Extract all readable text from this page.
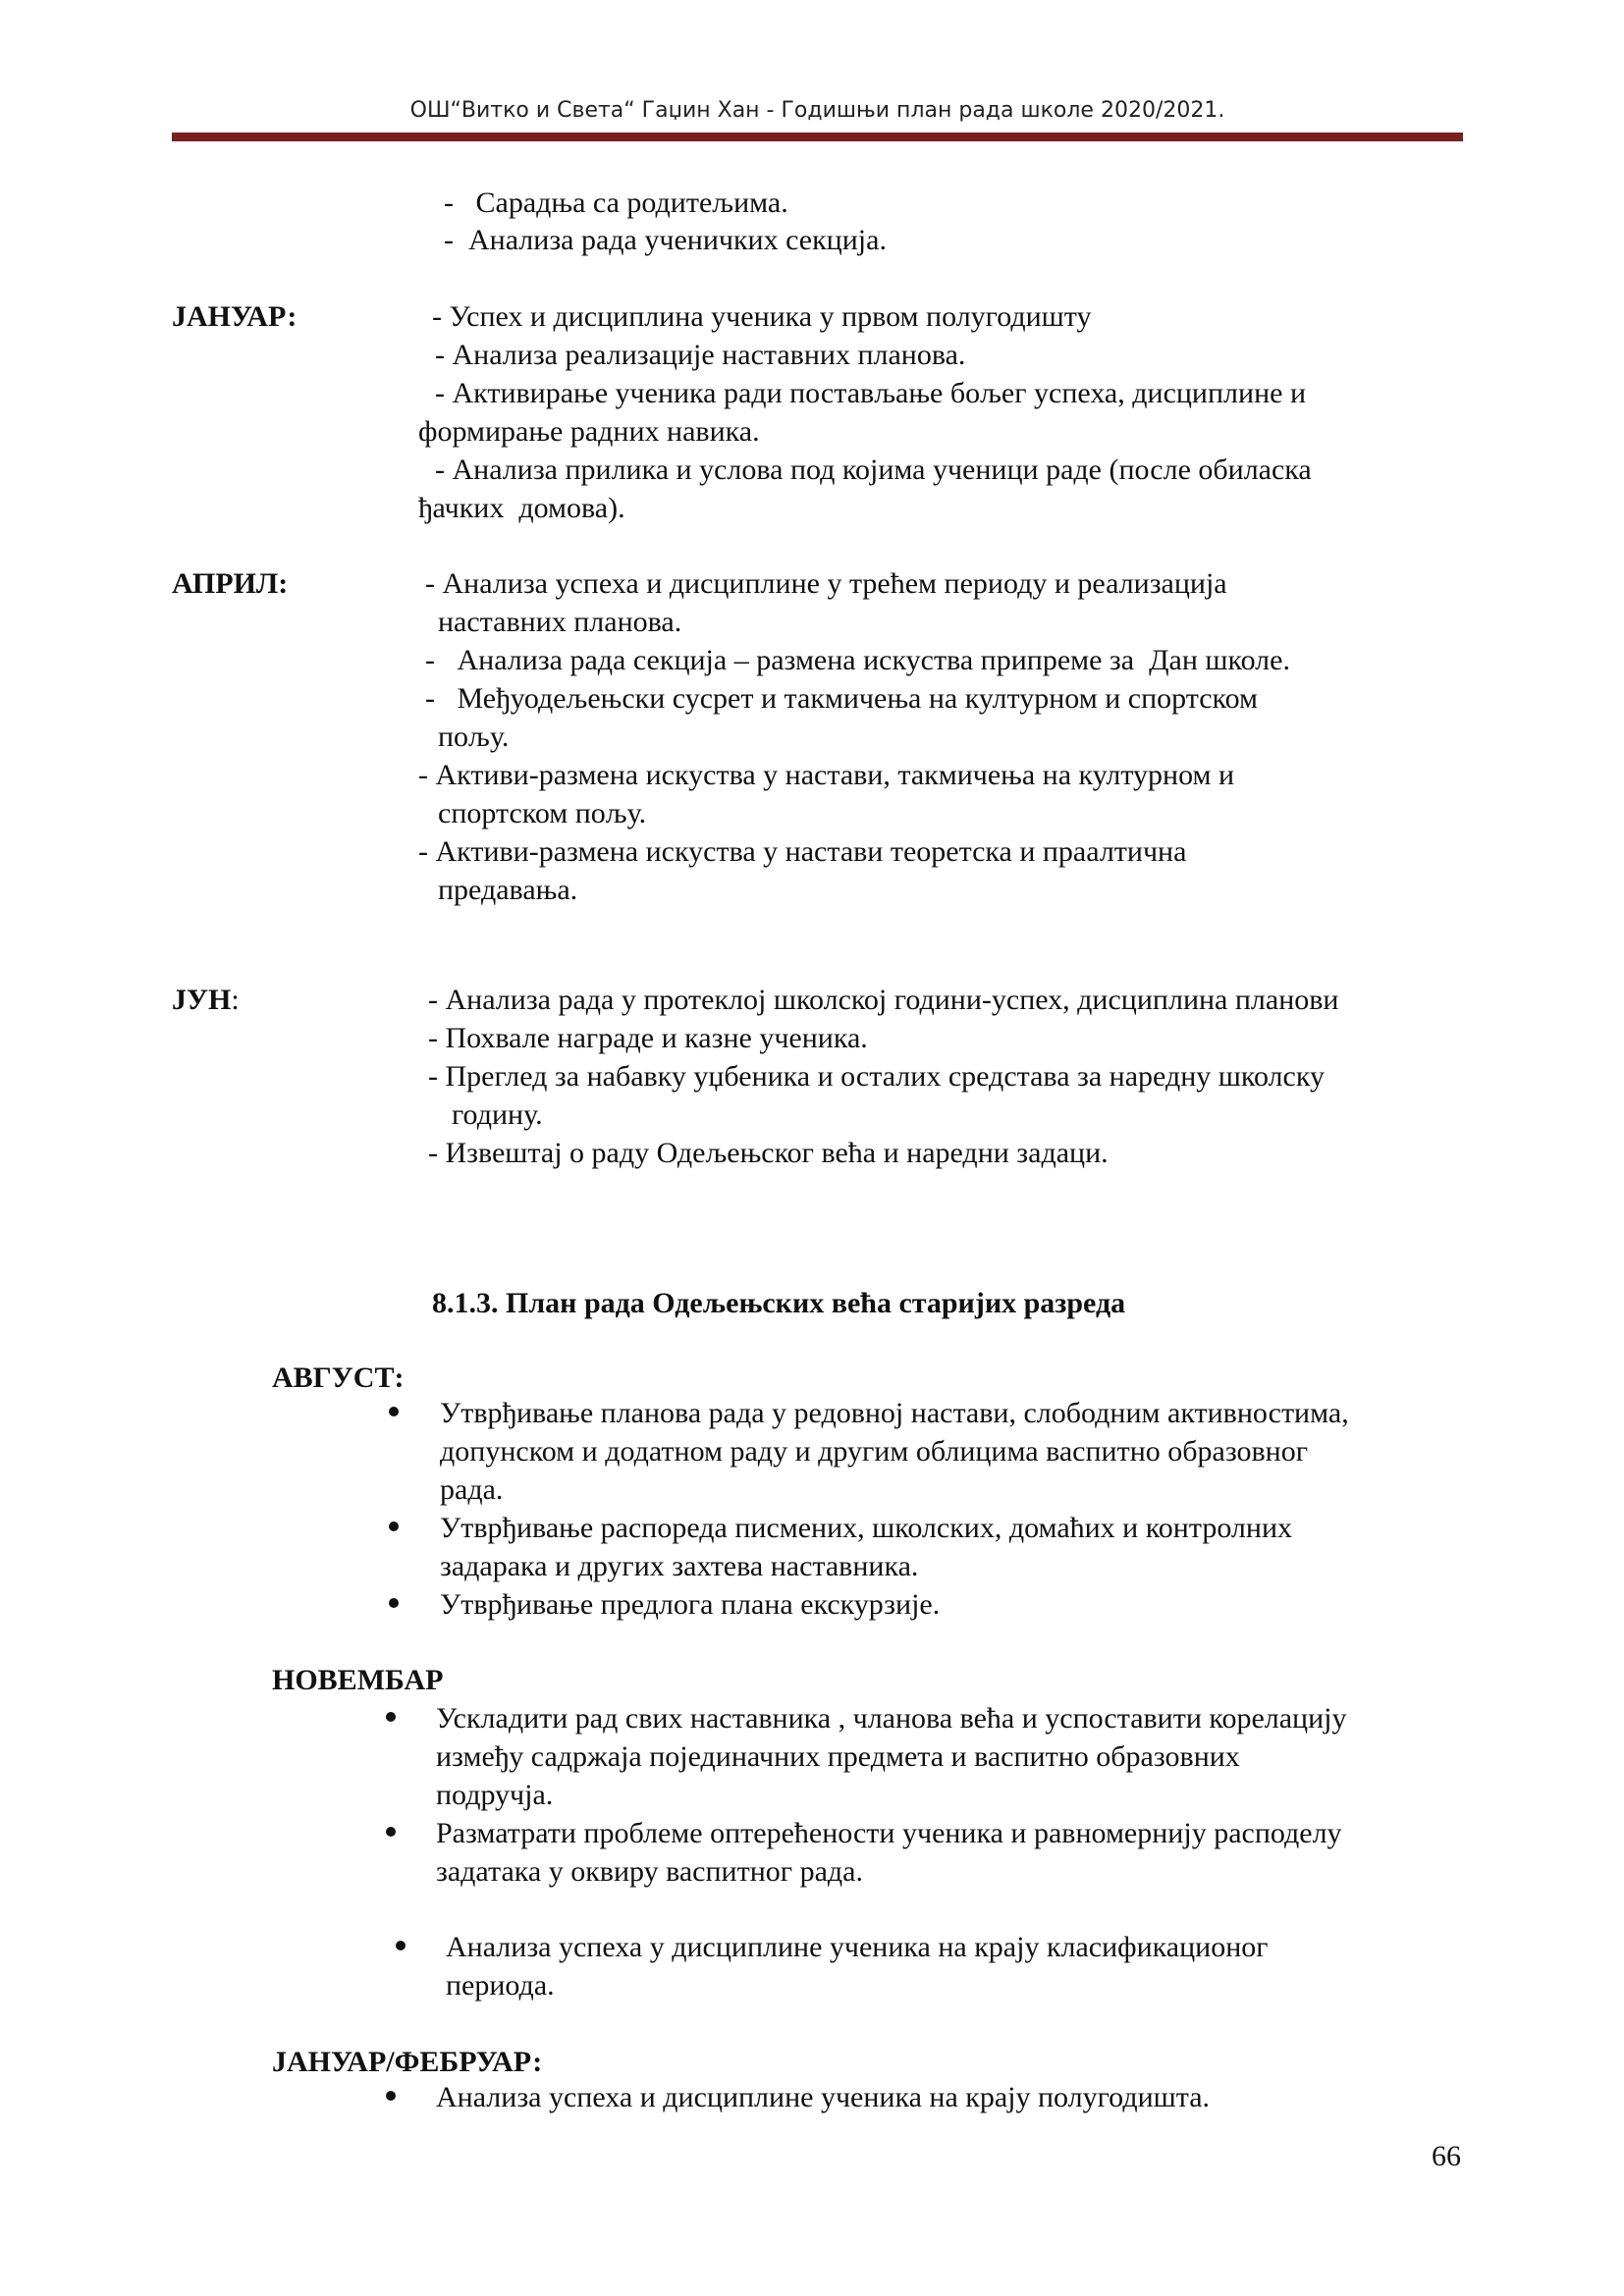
ОШ“Витко и Света“ Гаџин Хан - Годишњи план рада школе 2020/2021.
-   Сарадња са родитељима.
-  Анализа рада ученичких секција.
ЈАНУАР:	- Успех и дисциплина ученика у првом полугодишту
- Анализа реализације наставних планова.
- Активирање ученика ради постављање бољег успеха, дисциплине и
формирање радних навика.
- Анализа прилика и услова под којима ученици раде (после обиласка
ђачких  домова).
АПРИЛ:	- Анализа успеха и дисциплине у трећем периоду и реализација
наставних планова.
-   Анализа рада секција – размена искуства припреме за  Дан школе.
-   Међуодељењски сусрет и такмичења на културном и спортском
пољу.
- Активи-размена искуства у настави, такмичења на културном и
спортском пољу.
- Активи-размена искуства у настави теоретска и праалтична
предавања.
ЈУН:	- Анализа рада у протеклој школској години-успех, дисциплина планови
- Похвале награде и казне ученика.
- Преглед за набавку уџбеника и осталих средстава за наредну школску
годину.
- Извештај о раду Одељењског већа и наредни задаци.
8.1.3. План рада Одељењских већа старијих разреда
АВГУСТ:
Утврђивање планова рада у редовној настави, слободним активностима,
допунском и додатном раду и другим облицима васпитно образовног
рада.
Утврђивање распореда писмених, школских, домаћих и контролних
задарака и других захтева наставника.
Утврђивање предлога плана екскурзије.
НОВЕМБАР
Ускладити рад свих наставника , чланова већа и успоставити корелацију
између садржаја појединачних предмета и васпитно образовних
подручја.
Разматрати проблеме оптерећености ученика и равномернију расподелу
задатака у оквиру васпитног рада.
Анализа успеха у дисциплине ученика на крају класификационог
периода.
ЈАНУАР/ФЕБРУАР:
Анализа успеха и дисциплине ученика на крају полугодишта.
66
